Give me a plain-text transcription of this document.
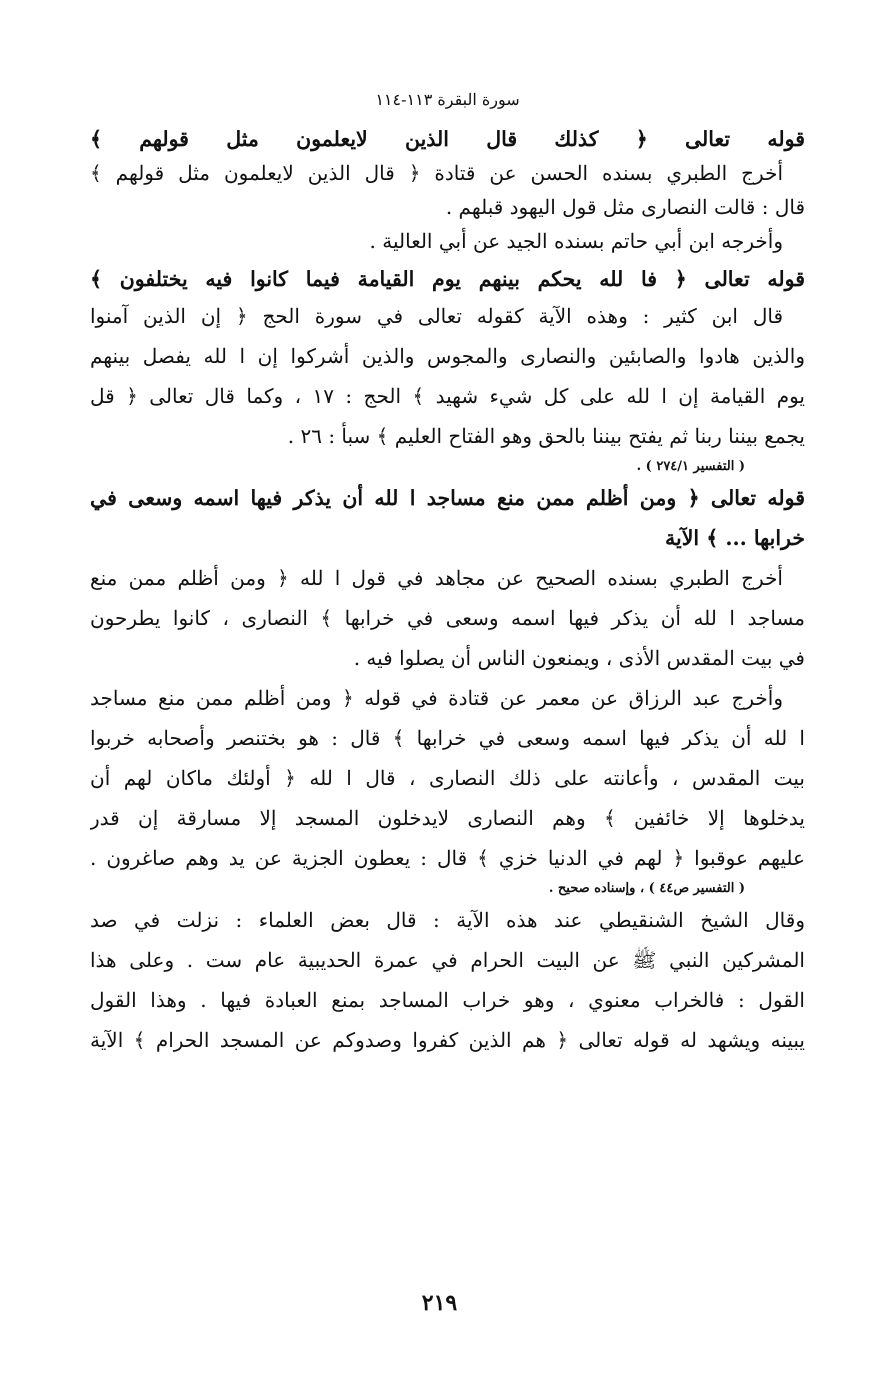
سورة البقرة ١١٣-١١٤
قوله تعالى ﴿ كذلك قال الذين لايعلمون مثل قولهم ﴾
أخرج الطبري بسنده الحسن عن قتادة ﴿ قال الذين لايعلمون مثل قولهم ﴾
قال : قالت النصارى مثل قول اليهود قبلهم .
وأخرجه ابن أبي حاتم بسنده الجيد عن أبي العالية .
قوله تعالى ﴿ فا لله يحكم بينهم يوم القيامة فيما كانوا فيه يختلفون ﴾
قال ابن كثير : وهذه الآية كقوله تعالى في سورة الحج ﴿ إن الذين آمنوا
والذين هادوا والصابئين والنصارى والمجوس والذين أشركوا إن ا لله يفصل بينهم
يوم القيامة إن ا لله على كل شيء شهيد ﴾ الحج : ١٧ ، وكما قال تعالى ﴿ قل
يجمع بيننا ربنا ثم يفتح بيننا بالحق وهو الفتاح العليم ﴾ سبأ : ٢٦ .
( التفسير ٢٧٤/١ ) .
قوله تعالى ﴿ ومن أظلم ممن منع مساجد ا لله أن يذكر فيها اسمه وسعى في
خرابها ... ﴾ الآية
أخرج الطبري بسنده الصحيح عن مجاهد في قول ا لله ﴿ ومن أظلم ممن منع
مساجد ا لله أن يذكر فيها اسمه وسعى في خرابها ﴾ النصارى ، كانوا يطرحون
في بيت المقدس الأذى ، ويمنعون الناس أن يصلوا فيه .
وأخرج عبد الرزاق عن معمر عن قتادة في قوله ﴿ ومن أظلم ممن منع مساجد
ا لله أن يذكر فيها اسمه وسعى في خرابها ﴾ قال : هو بختنصر وأصحابه خربوا
بيت المقدس ، وأعانته على ذلك النصارى ، قال ا لله ﴿ أولئك ماكان لهم أن
يدخلوها إلا خائفين ﴾ وهم النصارى لايدخلون المسجد إلا مسارقة إن قدر
عليهم عوقبوا ﴿ لهم في الدنيا خزي ﴾ قال : يعطون الجزية عن يد وهم صاغرون .
( التفسير ص٤٤ ) ، وإسناده صحيح .
وقال الشيخ الشنقيطي عند هذه الآية : قال بعض العلماء : نزلت في صد
المشركين النبي ﷺ عن البيت الحرام في عمرة الحديبية عام ست . وعلى هذا
القول : فالخراب معنوي ، وهو خراب المساجد بمنع العبادة فيها . وهذا القول
يبينه ويشهد له قوله تعالى ﴿ هم الذين كفروا وصدوكم عن المسجد الحرام ﴾ الآية
٢١٩
